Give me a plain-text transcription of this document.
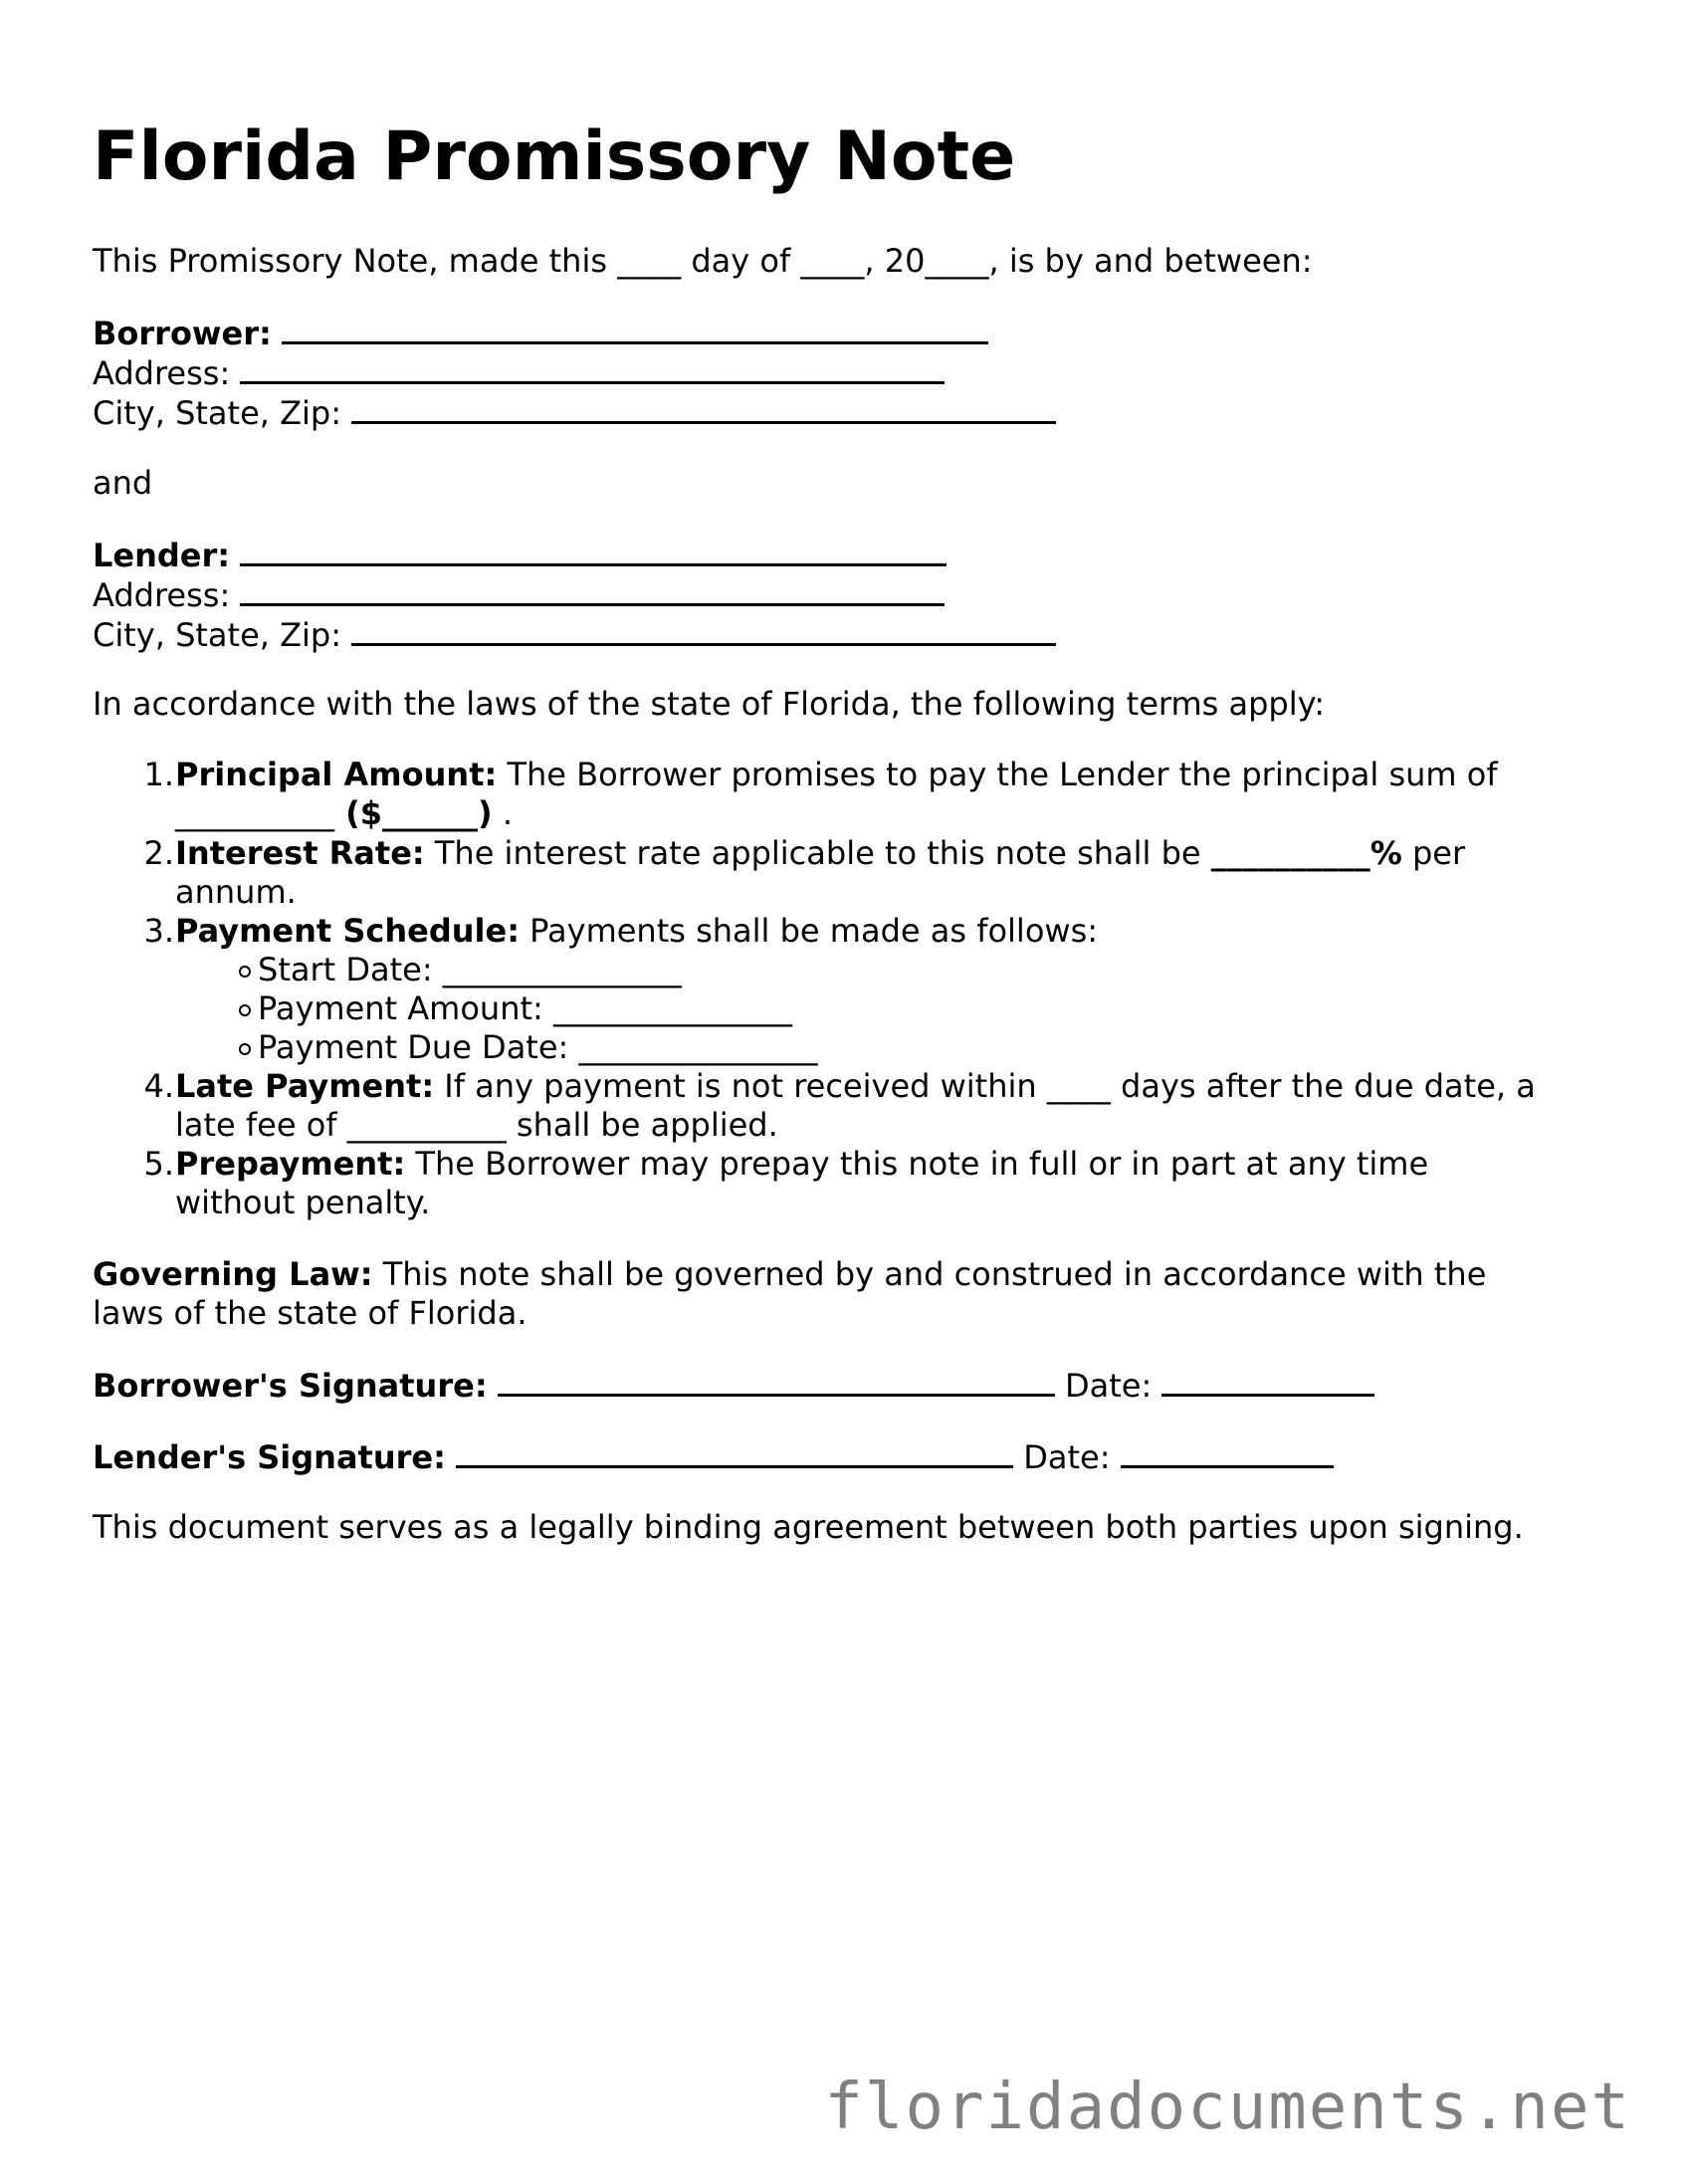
Florida Promissory Note
This Promissory Note, made this ____ day of ____, 20____, is by and between:
Borrower:
Address:
City, State, Zip:
and
Lender:
Address:
City, State, Zip:
In accordance with the laws of the state of Florida, the following terms apply:
1. Principal Amount: The Borrower promises to pay the Lender the principal sum of
__________ ($______) .
2. Interest Rate: The interest rate applicable to this note shall be __________% per
annum.
3. Payment Schedule: Payments shall be made as follows:
Start Date: _______________
Payment Amount: _______________
Payment Due Date: _______________
4. Late Payment: If any payment is not received within ____ days after the due date, a
late fee of __________ shall be applied.
5. Prepayment: The Borrower may prepay this note in full or in part at any time
without penalty.
Governing Law: This note shall be governed by and construed in accordance with the
laws of the state of Florida.
Borrower's Signature:	Date:
Lender's Signature:	Date:
This document serves as a legally binding agreement between both parties upon signing.
floridadocuments.net
